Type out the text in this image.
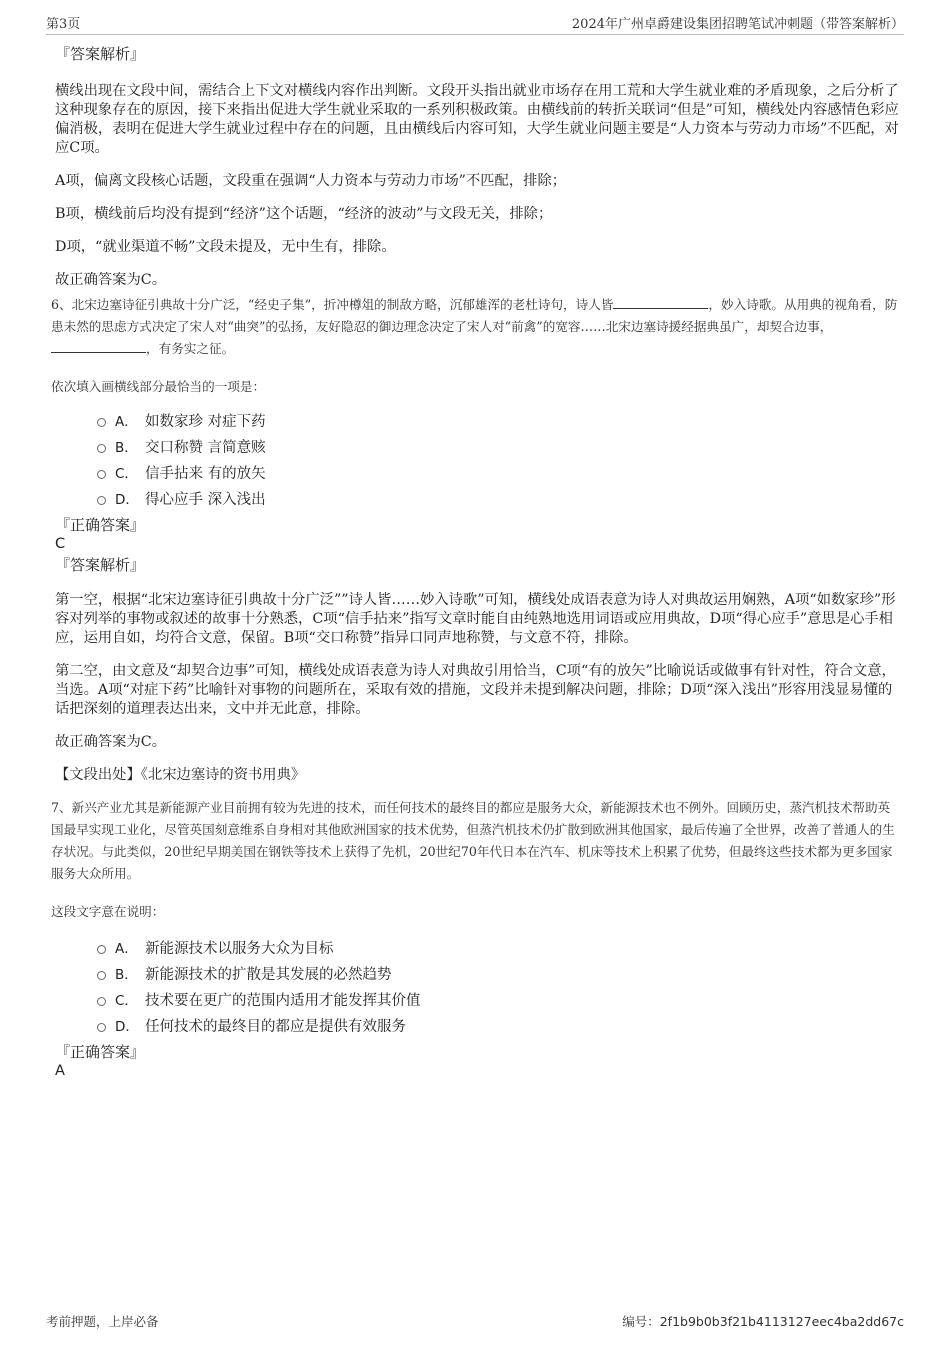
第3页	2024年广州卓爵建设集团招聘笔试冲刺题（带答案解析）

『答案解析』

横线出现在文段中间，需结合上下文对横线内容作出判断。文段开头指出就业市场存在用工荒和大学生就业难的矛盾现象，之后分析了这种现象存在的原因，接下来指出促进大学生就业采取的一系列积极政策。由横线前的转折关联词“但是”可知，横线处内容感情色彩应偏消极，表明在促进大学生就业过程中存在的问题，且由横线后内容可知，大学生就业问题主要是“人力资本与劳动力市场”不匹配，对应C项。

A项，偏离文段核心话题，文段重在强调“人力资本与劳动力市场”不匹配，排除；

B项，横线前后均没有提到“经济”这个话题，“经济的波动”与文段无关，排除；

D项，“就业渠道不畅”文段未提及，无中生有，排除。

故正确答案为C。

6、北宋边塞诗征引典故十分广泛，“经史子集”，折冲樽俎的制敌方略，沉郁雄浑的老杜诗句，诗人皆	，妙入诗歌。从用典的视角看，防患未然的思虑方式决定了宋人对“曲突”的弘扬，友好隐忍的御边理念决定了宋人对“前禽”的宽容……北宋边塞诗援经据典虽广，却契合边事，，有务实之征。

依次填入画横线部分最恰当的一项是：

A． 如数家珍 对症下药
B． 交口称赞 言简意赅
C． 信手拈来 有的放矢
D． 得心应手 深入浅出

『正确答案』

C

『答案解析』

第一空，根据“北宋边塞诗征引典故十分广泛””诗人皆……妙入诗歌”可知，横线处成语表意为诗人对典故运用娴熟，A项“如数家珍”形容对列举的事物或叙述的故事十分熟悉，C项“信手拈来”指写文章时能自由纯熟地选用词语或应用典故，D项“得心应手”意思是心手相应，运用自如，均符合文意，保留。B项“交口称赞”指异口同声地称赞，与文意不符，排除。

第二空，由文意及“却契合边事”可知，横线处成语表意为诗人对典故引用恰当，C项“有的放矢”比喻说话或做事有针对性，符合文意，当选。A项“对症下药”比喻针对事物的问题所在，采取有效的措施，文段并未提到解决问题，排除；D项“深入浅出”形容用浅显易懂的话把深刻的道理表达出来，文中并无此意，排除。

故正确答案为C。

【文段出处】《北宋边塞诗的资书用典》

7、新兴产业尤其是新能源产业目前拥有较为先进的技术，而任何技术的最终目的都应是服务大众，新能源技术也不例外。回顾历史，蒸汽机技术帮助英国最早实现工业化，尽管英国刻意维系自身相对其他欧洲国家的技术优势，但蒸汽机技术仍扩散到欧洲其他国家，最后传遍了全世界，改善了普通人的生存状况。与此类似，20世纪早期美国在钢铁等技术上获得了先机，20世纪70年代日本在汽车、机床等技术上积累了优势，但最终这些技术都为更多国家服务大众所用。

这段文字意在说明：

A． 新能源技术以服务大众为目标
B． 新能源技术的扩散是其发展的必然趋势
C． 技术要在更广的范围内适用才能发挥其价值
D． 任何技术的最终目的都应是提供有效服务

『正确答案』

A

考前押题，上岸必备	编号：2f1b9b0b3f21b4113127eec4ba2dd67c
